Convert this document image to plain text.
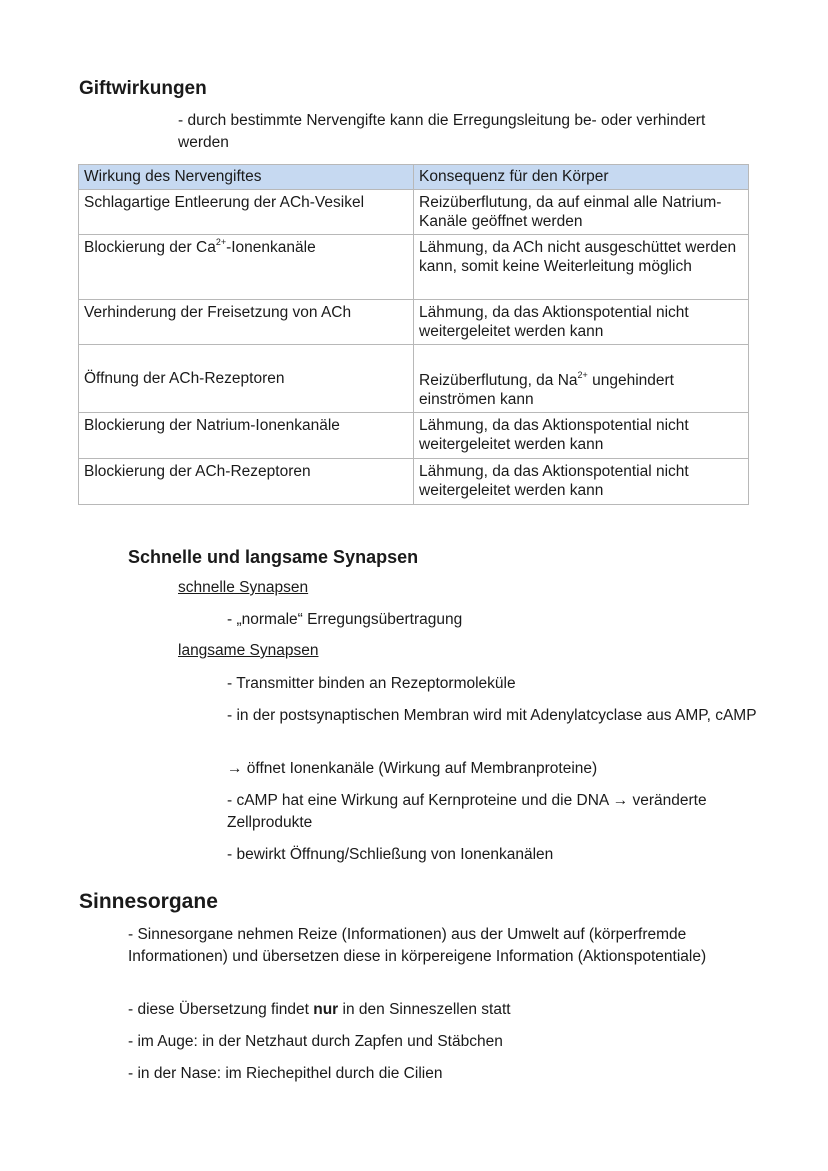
Giftwirkungen
- durch bestimmte Nervengifte kann die Erregungsleitung be- oder verhindert werden
Wirkung des Nervengiftes	Konsequenz für den Körper
Schlagartige Entleerung der ACh-Vesikel	Reizüberflutung, da auf einmal alle Natrium-Kanäle geöffnet werden
Blockierung der $Ca^{2+}$-Ionenkanäle	Lähmung, da ACh nicht ausgeschüttet werden kann, somit keine Weiterleitung möglich
Verhinderung der Freisetzung von ACh	Lähmung, da das Aktionspotential nicht weitergeleitet werden kann
Öffnung der ACh-Rezeptoren	Reizüberflutung, da $Na^{2+}$ ungehindert einströmen kann
Blockierung der Natrium-Ionenkanäle	Lähmung, da das Aktionspotential nicht weitergeleitet werden kann
Blockierung der ACh-Rezeptoren	Lähmung, da das Aktionspotential nicht weitergeleitet werden kann
Schnelle und langsame Synapsen
schnelle Synapsen
- „normale“ Erregungsübertragung
langsame Synapsen
- Transmitter binden an Rezeptormoleküle
- in der postsynaptischen Membran wird mit Adenylatcyclase aus AMP, cAMP
→ öffnet Ionenkanäle (Wirkung auf Membranproteine)
- cAMP hat eine Wirkung auf Kernproteine und die DNA → veränderte Zellprodukte
- bewirkt Öffnung/Schließung von Ionenkanälen
Sinnesorgane
- Sinnesorgane nehmen Reize (Informationen) aus der Umwelt auf (körperfremde Informationen) und übersetzen diese in körpereigene Information (Aktionspotentiale)
- diese Übersetzung findet nur in den Sinneszellen statt
- im Auge: in der Netzhaut durch Zapfen und Stäbchen
- in der Nase: im Riechepithel durch die Cilien
